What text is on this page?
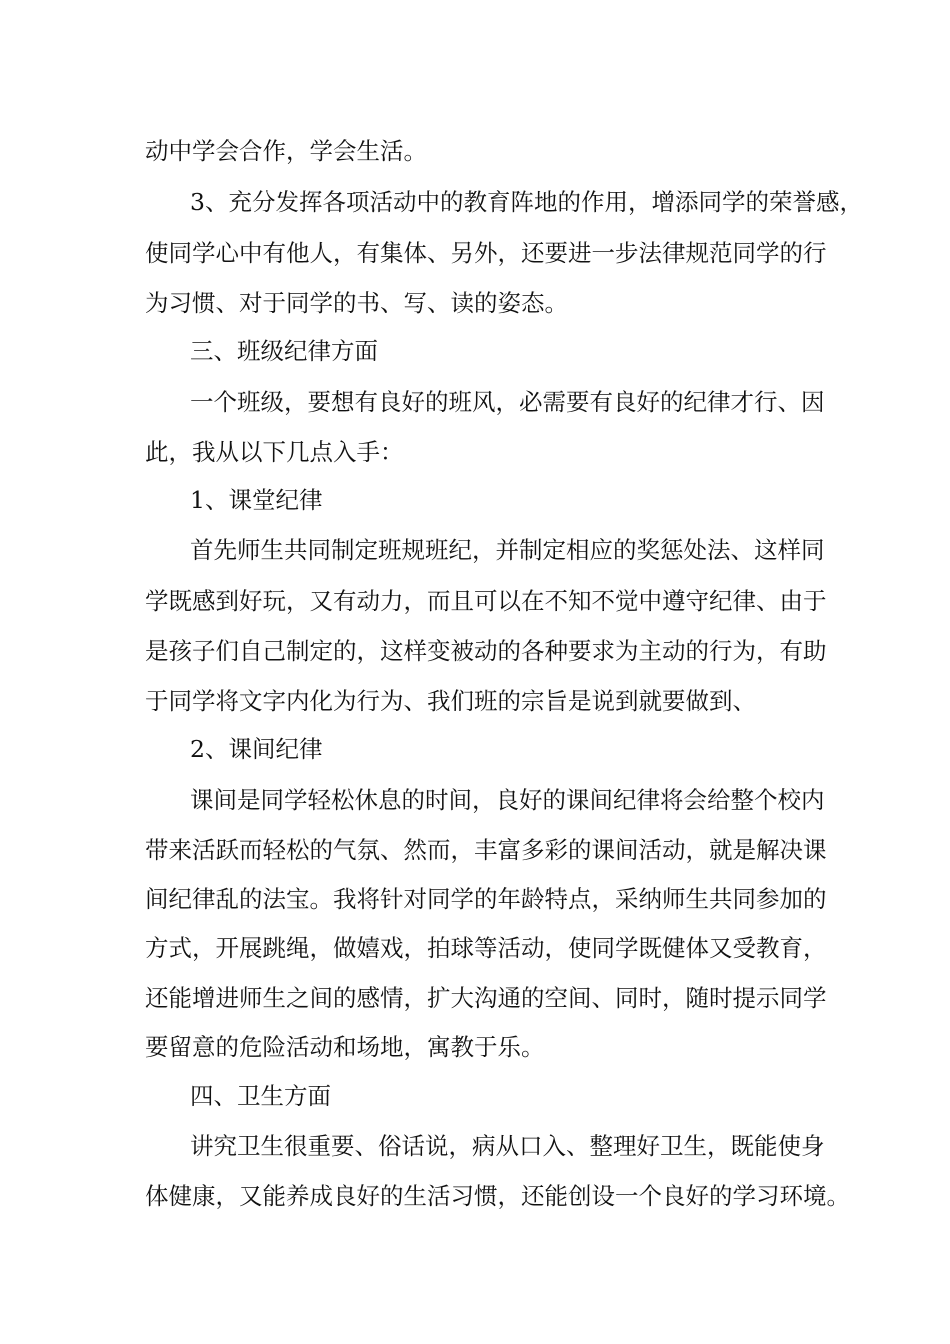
动中学会合作，学会生活。
3、充分发挥各项活动中的教育阵地的作用，增添同学的荣誉感，
使同学心中有他人，有集体、另外，还要进一步法律规范同学的行
为习惯、对于同学的书、写、读的姿态。
三、班级纪律方面
一个班级，要想有良好的班风，必需要有良好的纪律才行、因
此，我从以下几点入手：
1、课堂纪律
首先师生共同制定班规班纪，并制定相应的奖惩处法、这样同
学既感到好玩，又有动力，而且可以在不知不觉中遵守纪律、由于
是孩子们自己制定的，这样变被动的各种要求为主动的行为，有助
于同学将文字内化为行为、我们班的宗旨是说到就要做到、
2、课间纪律
课间是同学轻松休息的时间，良好的课间纪律将会给整个校内
带来活跃而轻松的气氛、然而，丰富多彩的课间活动，就是解决课
间纪律乱的法宝。我将针对同学的年龄特点，采纳师生共同参加的
方式，开展跳绳，做嬉戏，拍球等活动，使同学既健体又受教育，
还能增进师生之间的感情，扩大沟通的空间、同时，随时提示同学
要留意的危险活动和场地，寓教于乐。
四、卫生方面
讲究卫生很重要、俗话说，病从口入、整理好卫生，既能使身
体健康，又能养成良好的生活习惯，还能创设一个良好的学习环境。
